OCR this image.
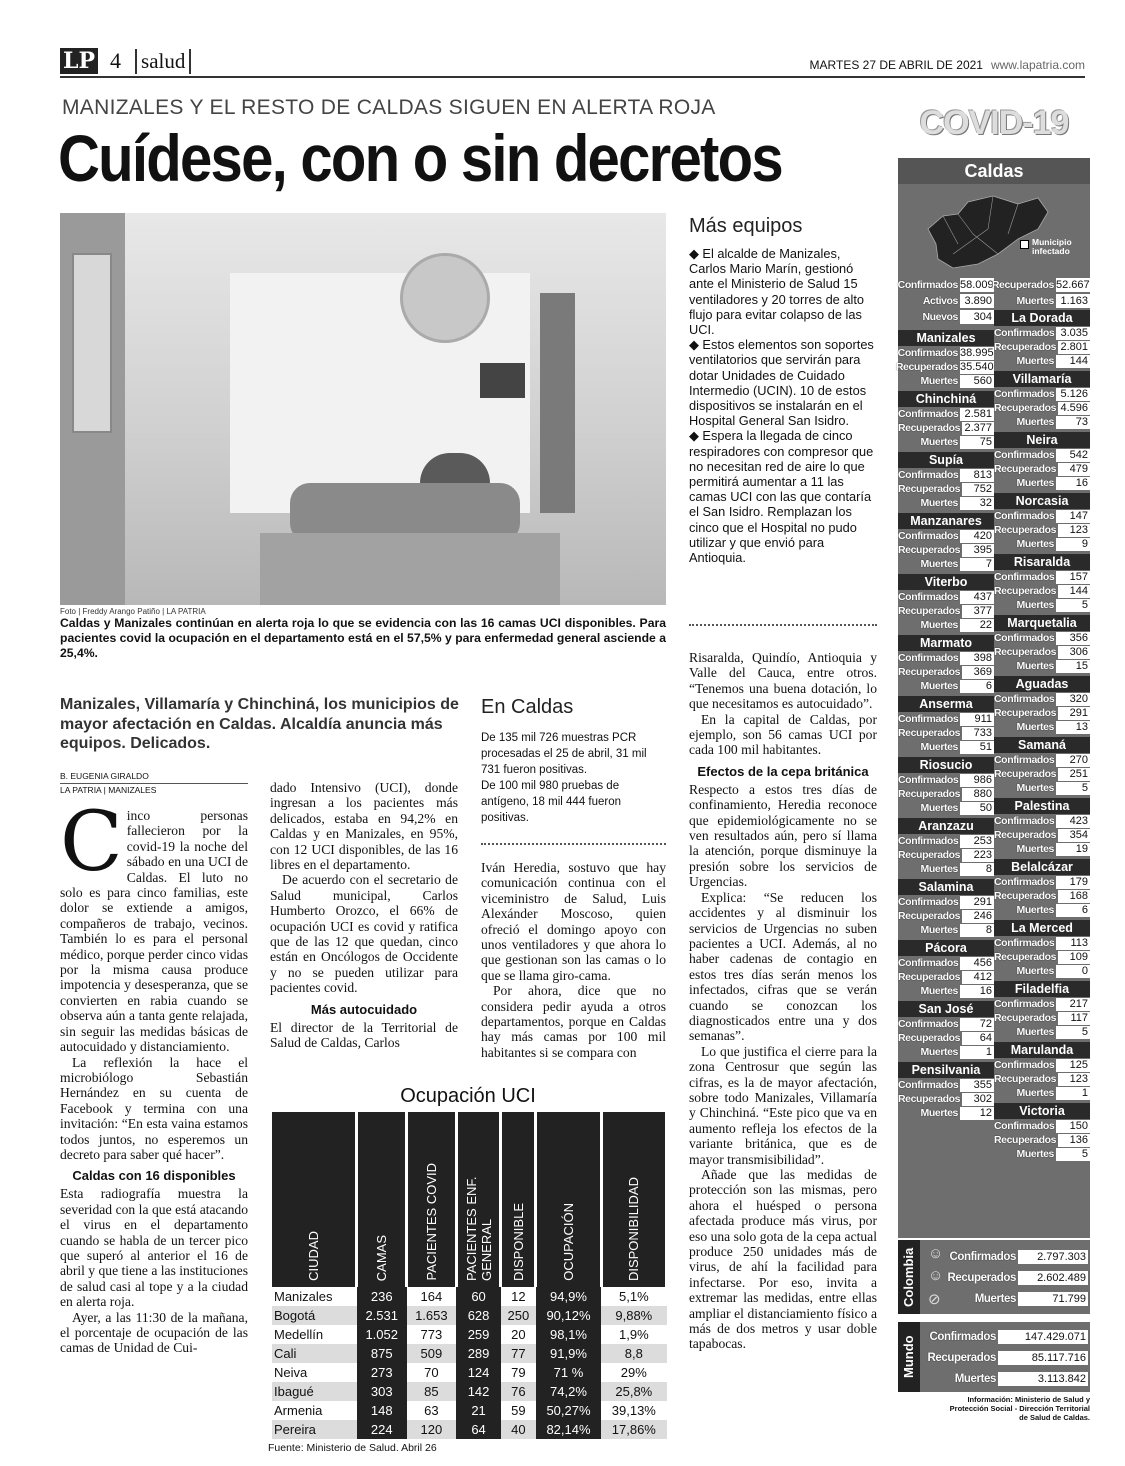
LP 4 salud	MARTES 27 DE ABRIL DE 2021 www.lapatria.com
MANIZALES Y EL RESTO DE CALDAS SIGUEN EN ALERTA ROJA
Cuídese, con o sin decretos
Foto | Freddy Arango Patiño | LA PATRIA
Caldas y Manizales continúan en alerta roja lo que se evidencia con las 16 camas UCI disponibles. Para pacientes covid la ocupación en el departamento está en el 57,5% y para enfermedad general asciende a 25,4%.
Más equipos
◆ El alcalde de Manizales, Carlos Mario Marín, gestionó ante el Ministerio de Salud 15 ventiladores y 20 torres de alto flujo para evitar colapso de las UCI.
◆ Estos elementos son soportes ventilatorios que servirán para dotar Unidades de Cuidado Intermedio (UCIN). 10 de estos dispositivos se instalarán en el Hospital General San Isidro.
◆ Espera la llegada de cinco respiradores con compresor que no necesitan red de aire lo que permitirá aumentar a 11 las camas UCI con las que contaría el San Isidro. Remplazan los cinco que el Hospital no pudo utilizar y que envió para Antioquia.
Manizales, Villamaría y Chinchiná, los municipios de mayor afectación en Caldas. Alcaldía anuncia más equipos. Delicados.
B. EUGENIA GIRALDO
LA PATRIA | MANIZALES
En Caldas
De 135 mil 726 muestras PCR procesadas el 25 de abril, 31 mil 731 fueron positivas.
De 100 mil 980 pruebas de antígeno, 18 mil 444 fueron positivas.

Cinco personas fallecieron por la covid-19 la noche del sábado en una UCI de Caldas. El luto no solo es para cinco familias, este dolor se extiende a amigos, compañeros de trabajo, vecinos. También lo es para el personal médico, porque perder cinco vidas por la misma causa produce impotencia y desesperanza, que se convierten en rabia cuando se observa aún a tanta gente relajada, sin seguir las medidas básicas de autocuidado y distanciamiento.

La reflexión la hace el microbiólogo Sebastián Hernández en su cuenta de Facebook y termina con una invitación: “En esta vaina estamos todos juntos, no esperemos un decreto para saber qué hacer”.

Caldas con 16 disponibles

Esta radiografía muestra la severidad con la que está atacando el virus en el departamento cuando se habla de un tercer pico que superó al anterior el 16 de abril y que tiene a las instituciones de salud casi al tope y a la ciudad en alerta roja.

Ayer, a las 11:30 de la mañana, el porcentaje de ocupación de las camas de Unidad de Cui-

dado Intensivo (UCI), donde ingresan a los pacientes más delicados, estaba en 94,2% en Caldas y en Manizales, en 95%, con 12 UCI disponibles, de las 16 libres en el departamento.

De acuerdo con el secretario de Salud municipal, Carlos Humberto Orozco, el 66% de ocupación UCI es covid y ratifica que de las 12 que quedan, cinco están en Oncólogos de Occidente y no se pueden utilizar para pacientes covid.

Más autocuidado

El director de la Territorial de Salud de Caldas, Carlos

Iván Heredia, sostuvo que hay comunicación continua con el viceministro de Salud, Luis Alexánder Moscoso, quien ofreció el domingo apoyo con unos ventiladores y que ahora lo que gestionan son las camas o lo que se llama giro-cama.

Por ahora, dice que no considera pedir ayuda a otros departamentos, porque en Caldas hay más camas por 100 mil habitantes si se compara con

Risaralda, Quindío, Antioquia y Valle del Cauca, entre otros. “Tenemos una buena dotación, lo que necesitamos es autocuidado”.

En la capital de Caldas, por ejemplo, son 56 camas UCI por cada 100 mil habitantes.

Efectos de la cepa británica

Respecto a estos tres días de confinamiento, Heredia reconoce que epidemiológicamente no se ven resultados aún, pero sí llama la atención, porque disminuye la presión sobre los servicios de Urgencias.

Explica: “Se reducen los accidentes y al disminuir los servicios de Urgencias no suben pacientes a UCI. Además, al no haber cadenas de contagio en estos tres días serán menos los infectados, cifras que se verán cuando se conozcan los diagnosticados entre una y dos semanas”.

Lo que justifica el cierre para la zona Centrosur que según las cifras, es la de mayor afectación, sobre todo Manizales, Villamaría y Chinchiná. “Este pico que va en aumento refleja los efectos de la variante británica, que es de mayor transmisibilidad”.

Añade que las medidas de protección son las mismas, pero ahora el huésped o persona afectada produce más virus, por eso una solo gota de la cepa actual produce 250 unidades más de virus, de ahí la facilidad para infectarse. Por eso, invita a extremar las medidas, entre ellas ampliar el distanciamiento físico a más de dos metros y usar doble tapabocas.

Ocupación UCI
CIUDAD	CAMAS	PACIENTES COVID	PACIENTES ENF. GENERAL	DISPONIBLE	OCUPACIÓN	DISPONIBILIDAD

Manizales	236	164	60	12	94,9%	5,1%
Bogotá	2.531	1.653	628	250	90,12%	9,88%
Medellín	1.052	773	259	20	98,1%	1,9%
Cali	875	509	289	77	91,9%	8,8
Neiva	273	70	124	79	71 %	29%
Ibagué	303	85	142	76	74,2%	25,8%
Armenia	148	63	21	59	50,27%	39,13%
Pereira	224	120	64	40	82,14%	17,86%
Fuente: Ministerio de Salud. Abril 26
COVID-19
Caldas
Municipio infectado
Confirmados 58.009
Activos 3.890
Nuevos	304
Recuperados 52.667
Muertes 1.163
Manizales
Confirmados 38.995
Recuperados 35.540
Muertes	560
Chinchiná
Confirmados 2.581
Recuperados 2.377
Muertes	75
Supía
Confirmados	813
Recuperados	752
Muertes	32
Manzanares
Confirmados	420
Recuperados	395
Muertes	7
Viterbo
Confirmados	437
Recuperados	377
Muertes	22
Marmato
Confirmados	398
Recuperados	369
Muertes	6
Anserma
Confirmados	911
Recuperados	733
Muertes	51
Riosucio
Confirmados	986
Recuperados	880
Muertes	50
Aranzazu
Confirmados	253
Recuperados	223
Muertes	8
Salamina
Confirmados	291
Recuperados	246
Muertes	8
Pácora
Confirmados	456
Recuperados	412
Muertes	16
San José
Confirmados	72
Recuperados	64
Muertes	1
Pensilvania
Confirmados	355
Recuperados	302
Muertes	12
La Dorada
Confirmados 3.035
Recuperados 2.801
Muertes	144
Villamaría
Confirmados 5.126
Recuperados 4.596
Muertes	73
Neira
Confirmados	542
Recuperados	479
Muertes	16
Norcasia
Confirmados	147
Recuperados	123
Muertes	9
Risaralda
Confirmados	157
Recuperados	144
Muertes	5
Marquetalia
Confirmados	356
Recuperados	306
Muertes	15
Aguadas
Confirmados	320
Recuperados	291
Muertes	13
Samaná
Confirmados	270
Recuperados	251
Muertes	5
Palestina
Confirmados	423
Recuperados	354
Muertes	19
Belalcázar
Confirmados	179
Recuperados	168
Muertes	6
La Merced
Confirmados	113
Recuperados	109
Muertes	0
Filadelfia
Confirmados	217
Recuperados	117
Muertes	5
Marulanda
Confirmados	125
Recuperados	123
Muertes	1
Victoria
Confirmados	150
Recuperados	136
Muertes	5
Colombia ☺
☺
⊘
Confirmados	2.797.303
Recuperados	2.602.489
Muertes	71.799
Mundo	Confirmados	147.429.071
Recuperados	85.117.716
Muertes	3.113.842
Información: Ministerio de Salud y Protección Social - Dirección Territorial de Salud de Caldas.
